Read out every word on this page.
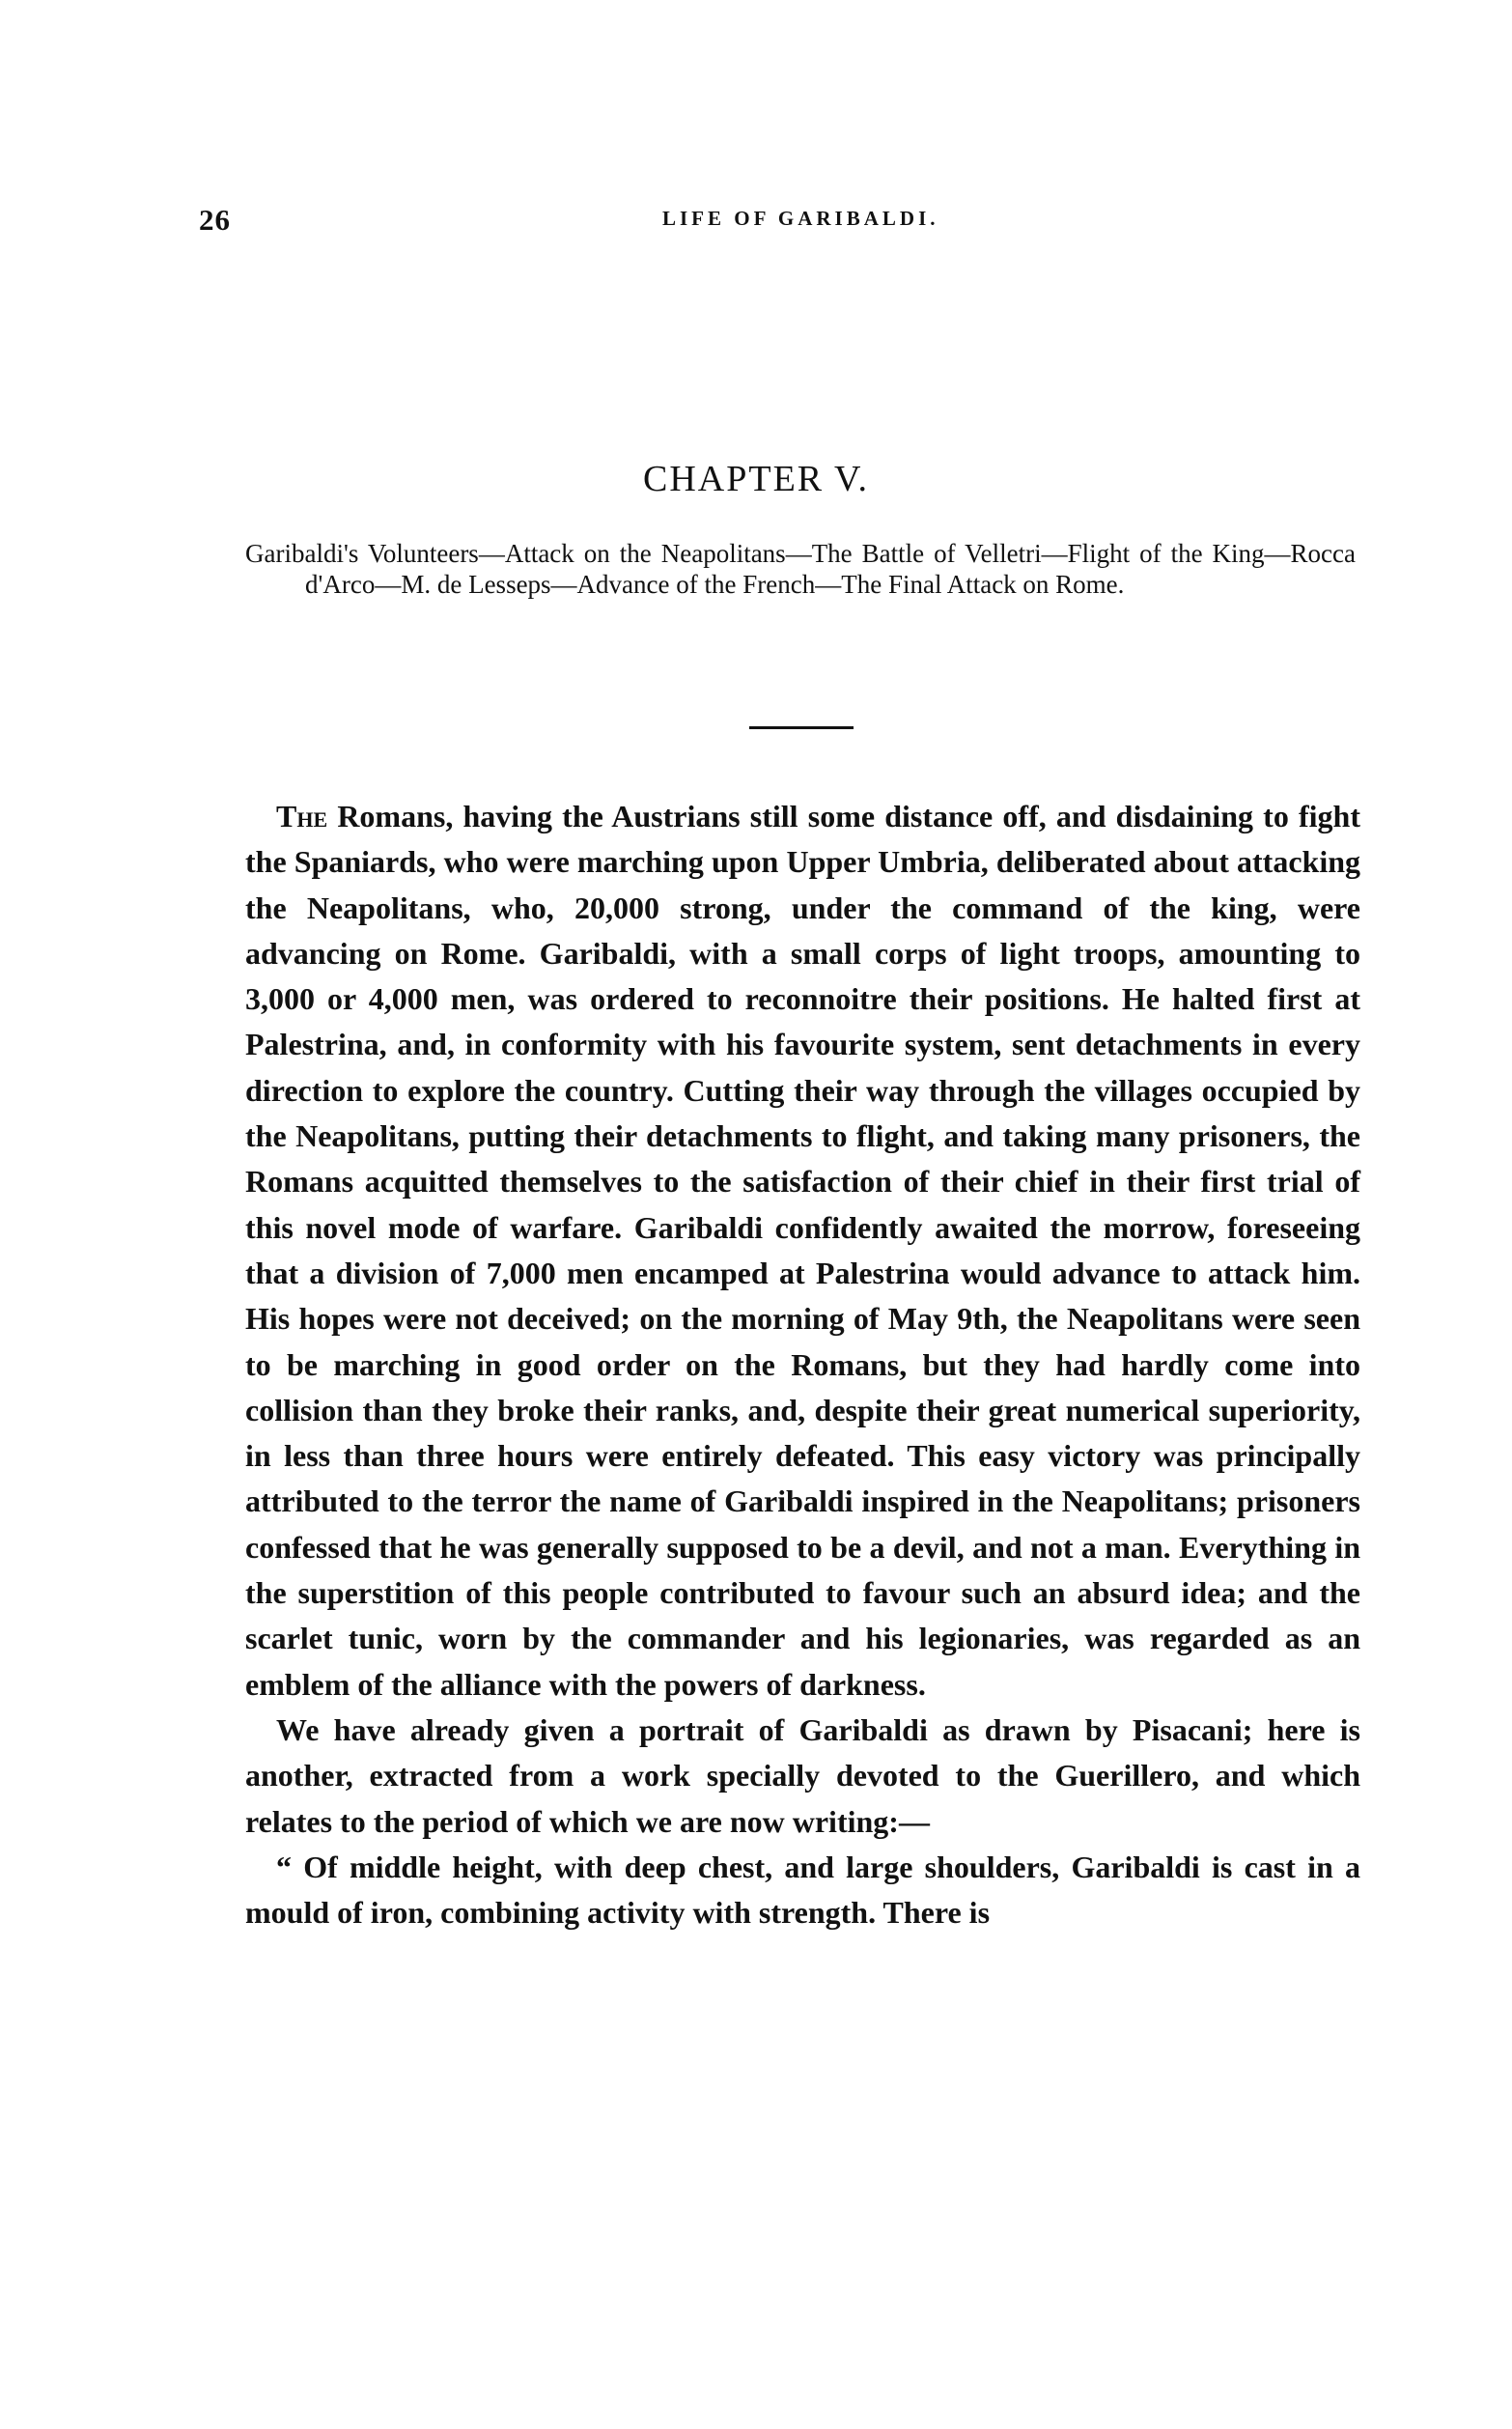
26	LIFE OF GARIBALDI.
CHAPTER V.
Garibaldi's Volunteers—Attack on the Neapolitans—The Battle of Velletri—Flight of the King—Rocca d'Arco—M. de Lesseps—Advance of the French—The Final Attack on Rome.

The Romans, having the Austrians still some distance off, and disdaining to fight the Spaniards, who were marching upon Upper Umbria, deliberated about attacking the Neapolitans, who, 20,000 strong, under the command of the king, were advancing on Rome. Garibaldi, with a small corps of light troops, amounting to 3,000 or 4,000 men, was ordered to reconnoitre their positions. He halted first at Palestrina, and, in conformity with his favourite system, sent detachments in every direction to explore the country. Cutting their way through the villages occupied by the Neapolitans, putting their detachments to flight, and taking many prisoners, the Romans acquitted themselves to the satisfaction of their chief in their first trial of this novel mode of warfare. Garibaldi confidently awaited the morrow, foreseeing that a division of 7,000 men encamped at Palestrina would advance to attack him. His hopes were not deceived; on the morning of May 9th, the Neapolitans were seen to be marching in good order on the Romans, but they had hardly come into collision than they broke their ranks, and, despite their great numerical superiority, in less than three hours were entirely defeated. This easy victory was principally attributed to the terror the name of Garibaldi inspired in the Neapolitans; prisoners confessed that he was generally supposed to be a devil, and not a man. Everything in the superstition of this people contributed to favour such an absurd idea; and the scarlet tunic, worn by the commander and his legionaries, was regarded as an emblem of the alliance with the powers of darkness.

We have already given a portrait of Garibaldi as drawn by Pisacani; here is another, extracted from a work specially devoted to the Guerillero, and which relates to the period of which we are now writing:—

“ Of middle height, with deep chest, and large shoulders, Garibaldi is cast in a mould of iron, combining activity with strength. There is
